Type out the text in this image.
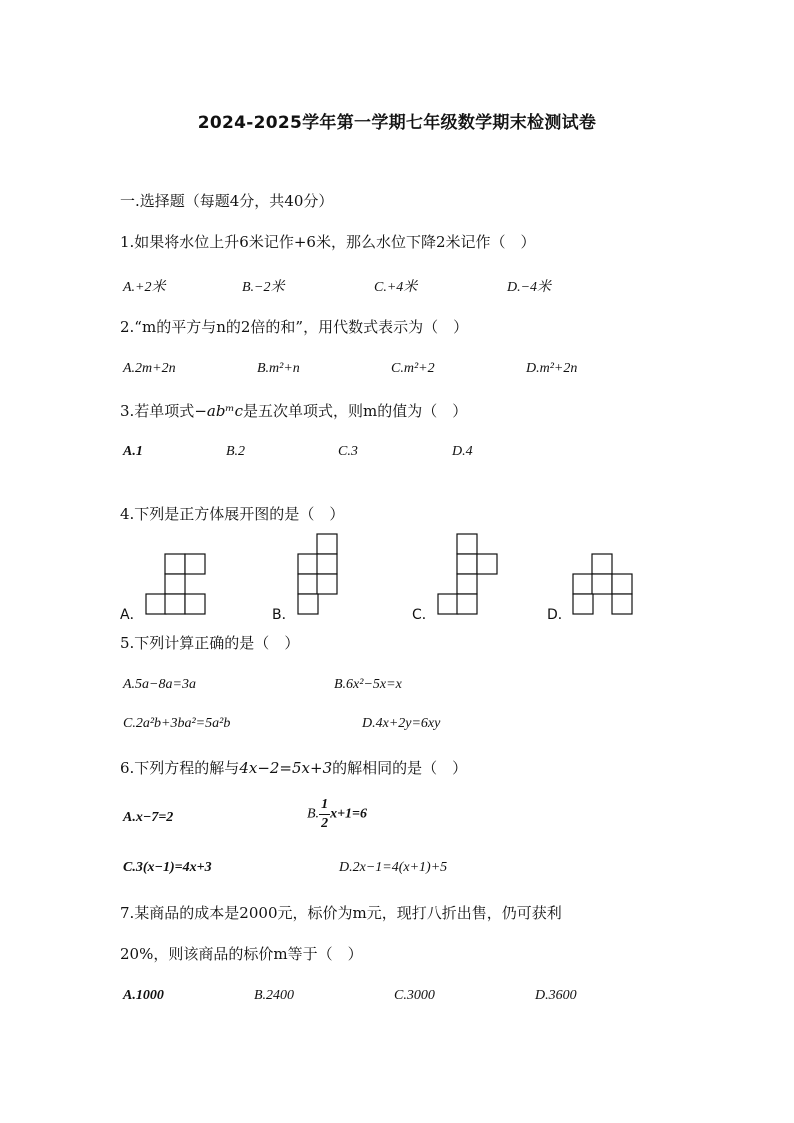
2024-2025学年第一学期七年级数学期末检测试卷
一.选择题（每题4分，共40分）
1.如果将水位上升6米记作+6米，那么水位下降2米记作（　）
A.+2米	B.−2米	C.+4米	D.−4米
2.“m的平方与n的2倍的和”，用代数式表示为（　）
A.2m+2n	B.m²+n	C.m²+2	D.m²+2n
3.若单项式−abᵐc是五次单项式，则m的值为（　）
A.1	B.2	C.3	D.4
4.下列是正方体展开图的是（　）
A．	B．	C．	D．
5.下列计算正确的是（　）
A.5a−8a=3a	B.6x²−5x=x
C.2a²b+3ba²=5a²b	D.4x+2y=6xy
6.下列方程的解与4x−2=5x+3的解相同的是（　）
A.x−7=2	B. $\frac{1}{2} x+1=6$
C.3(x−1)=4x+3	D.2x−1=4(x+1)+5
7.某商品的成本是2000元，标价为m元，现打八折出售，仍可获利
20%，则该商品的标价m等于（　）
A.1000	B.2400	C.3000	D.3600
